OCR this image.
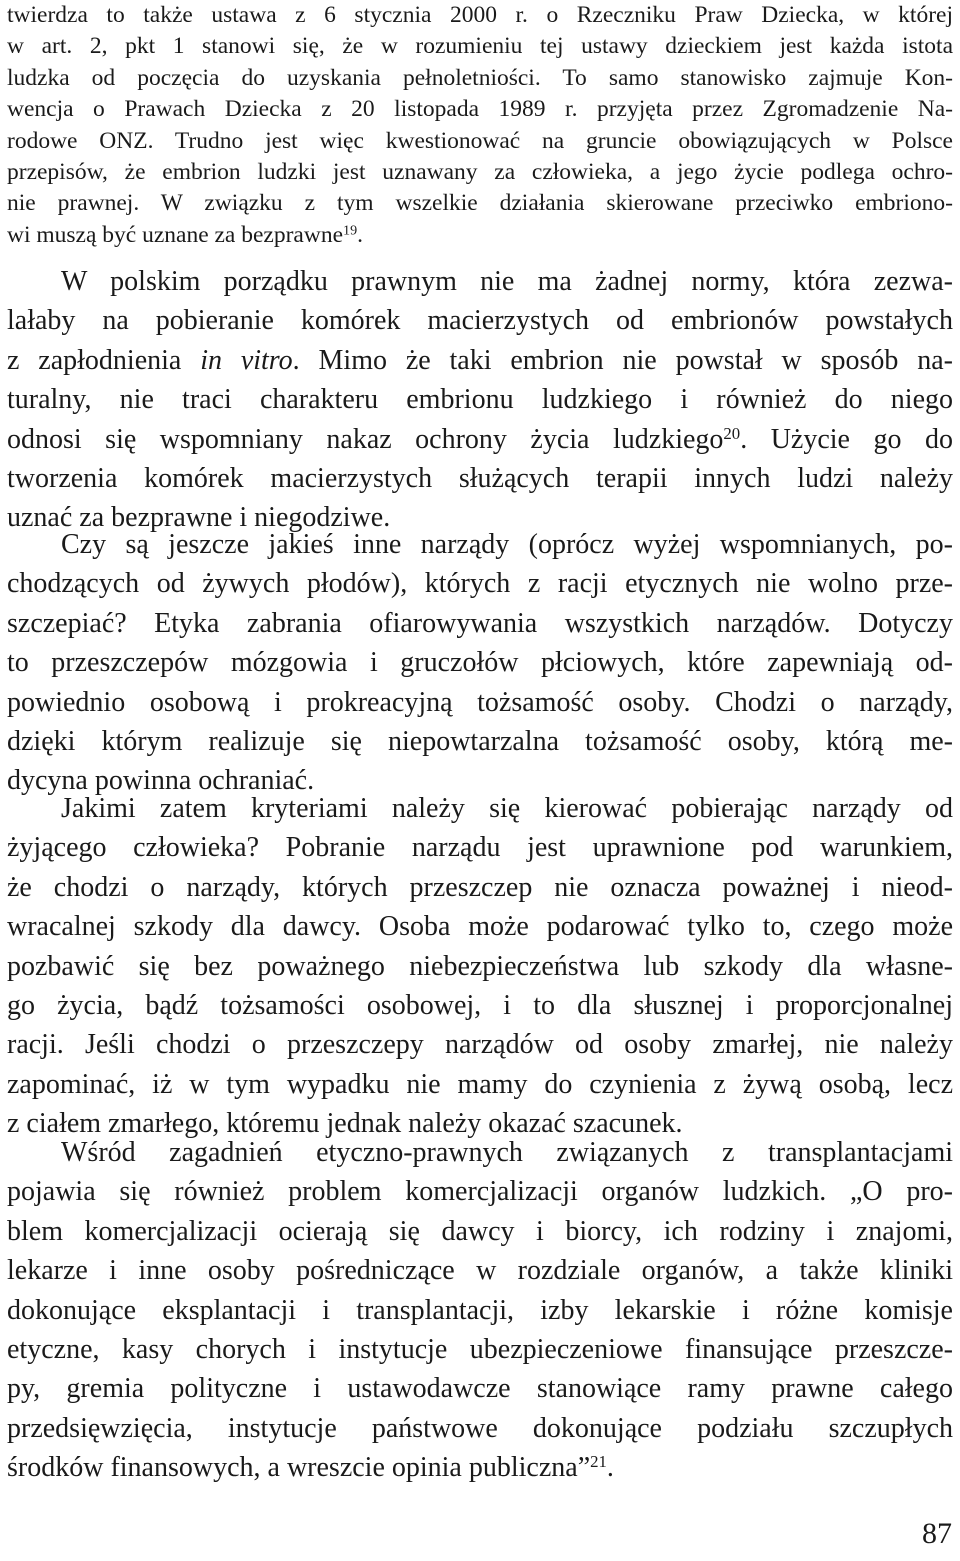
twierdza to także ustawa z 6 stycznia 2000 r. o Rzeczniku Praw Dziecka, w której
w art. 2, pkt 1 stanowi się, że w rozumieniu tej ustawy dzieckiem jest każda istota
ludzka od poczęcia do uzyskania pełnoletniości. To samo stanowisko zajmuje Kon-
wencja o Prawach Dziecka z 20 listopada 1989 r. przyjęta przez Zgromadzenie Na-
rodowe ONZ. Trudno jest więc kwestionować na gruncie obowiązujących w Polsce
przepisów, że embrion ludzki jest uznawany za człowieka, a jego życie podlega ochro-
nie prawnej. W związku z tym wszelkie działania skierowane przeciwko embriono-
wi muszą być uznane za bezprawne$^{19}$.
W polskim porządku prawnym nie ma żadnej normy, która zezwa-
lałaby na pobieranie komórek macierzystych od embrionów powstałych
z zapłodnienia in vitro. Mimo że taki embrion nie powstał w sposób na-
turalny, nie traci charakteru embrionu ludzkiego i również do niego
odnosi się wspomniany nakaz ochrony życia ludzkiego$^{20}$. Użycie go do
tworzenia komórek macierzystych służących terapii innych ludzi należy
uznać za bezprawne i niegodziwe.
Czy są jeszcze jakieś inne narządy (oprócz wyżej wspomnianych, po-
chodzących od żywych płodów), których z racji etycznych nie wolno prze-
szczepiać? Etyka zabrania ofiarowywania wszystkich narządów. Dotyczy
to przeszczepów mózgowia i gruczołów płciowych, które zapewniają od-
powiednio osobową i prokreacyjną tożsamość osoby. Chodzi o narządy,
dzięki którym realizuje się niepowtarzalna tożsamość osoby, którą me-
dycyna powinna ochraniać.
Jakimi zatem kryteriami należy się kierować pobierając narządy od
żyjącego człowieka? Pobranie narządu jest uprawnione pod warunkiem,
że chodzi o narządy, których przeszczep nie oznacza poważnej i nieod-
wracalnej szkody dla dawcy. Osoba może podarować tylko to, czego może
pozbawić się bez poważnego niebezpieczeństwa lub szkody dla własne-
go życia, bądź tożsamości osobowej, i to dla słusznej i proporcjonalnej
racji. Jeśli chodzi o przeszczepy narządów od osoby zmarłej, nie należy
zapominać, iż w tym wypadku nie mamy do czynienia z żywą osobą, lecz
z ciałem zmarłego, któremu jednak należy okazać szacunek.
Wśród zagadnień etyczno-prawnych związanych z transplantacjami
pojawia się również problem komercjalizacji organów ludzkich. „O pro-
blem komercjalizacji ocierają się dawcy i biorcy, ich rodziny i znajomi,
lekarze i inne osoby pośredniczące w rozdziale organów, a także kliniki
dokonujące eksplantacji i transplantacji, izby lekarskie i różne komisje
etyczne, kasy chorych i instytucje ubezpieczeniowe finansujące przeszcze-
py, gremia polityczne i ustawodawcze stanowiące ramy prawne całego
przedsięwzięcia, instytucje państwowe dokonujące podziału szczupłych
środków finansowych, a wreszcie opinia publiczna”$^{21}$.
87
